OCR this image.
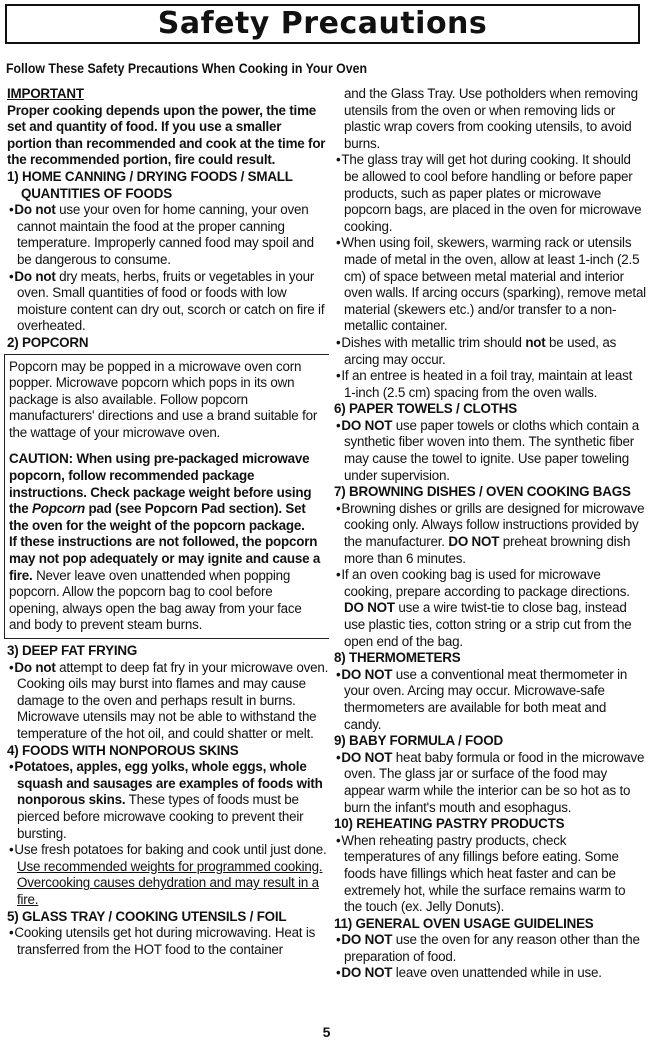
Safety Precautions
Follow These Safety Precautions When Cooking in Your Oven

IMPORTANT

Proper cooking depends upon the power, the time set and quantity of food. If you use a smaller portion than recommended and cook at the time for the recommended portion, fire could result.

1) HOME CANNING / DRYING FOODS / SMALL QUANTITIES OF FOODS

• Do not use your oven for home canning, your oven cannot maintain the food at the proper canning temperature. Improperly canned food may spoil and be dangerous to consume.

• Do not dry meats, herbs, fruits or vegetables in your oven. Small quantities of food or foods with low moisture content can dry out, scorch or catch on fire if overheated.

2) POPCORN

Popcorn may be popped in a microwave oven corn popper. Microwave popcorn which pops in its own package is also available. Follow popcorn manufacturers' directions and use a brand suitable for the wattage of your microwave oven.

CAUTION: When using pre-packaged microwave popcorn, follow recommended package instructions. Check package weight before using the Popcorn pad (see Popcorn Pad section). Set the oven for the weight of the popcorn package.

If these instructions are not followed, the popcorn may not pop adequately or may ignite and cause a fire. Never leave oven unattended when popping popcorn. Allow the popcorn bag to cool before opening, always open the bag away from your face and body to prevent steam burns.

3) DEEP FAT FRYING

• Do not attempt to deep fat fry in your microwave oven. Cooking oils may burst into flames and may cause damage to the oven and perhaps result in burns. Microwave utensils may not be able to withstand the temperature of the hot oil, and could shatter or melt.

4) FOODS WITH NONPOROUS SKINS

• Potatoes, apples, egg yolks, whole eggs, whole squash and sausages are examples of foods with nonporous skins. These types of foods must be pierced before microwave cooking to prevent their bursting.

• Use fresh potatoes for baking and cook until just done. Use recommended weights for programmed cooking. Overcooking causes dehydration and may result in a fire.

5) GLASS TRAY / COOKING UTENSILS / FOIL

• Cooking utensils get hot during microwaving. Heat is transferred from the HOT food to the container

and the Glass Tray. Use potholders when removing utensils from the oven or when removing lids or plastic wrap covers from cooking utensils, to avoid burns.

• The glass tray will get hot during cooking. It should be allowed to cool before handling or before paper products, such as paper plates or microwave popcorn bags, are placed in the oven for microwave cooking.

• When using foil, skewers, warming rack or utensils made of metal in the oven, allow at least 1-inch (2.5 cm) of space between metal material and interior oven walls. If arcing occurs (sparking), remove metal material (skewers etc.) and/or transfer to a non-metallic container.

• Dishes with metallic trim should not be used, as arcing may occur.

• If an entree is heated in a foil tray, maintain at least 1-inch (2.5 cm) spacing from the oven walls.

6) PAPER TOWELS / CLOTHS

• DO NOT use paper towels or cloths which contain a synthetic fiber woven into them. The synthetic fiber may cause the towel to ignite. Use paper toweling under supervision.

7) BROWNING DISHES / OVEN COOKING BAGS

• Browning dishes or grills are designed for microwave cooking only. Always follow instructions provided by the manufacturer. DO NOT preheat browning dish more than 6 minutes.

• If an oven cooking bag is used for microwave cooking, prepare according to package directions. DO NOT use a wire twist-tie to close bag, instead use plastic ties, cotton string or a strip cut from the open end of the bag.

8) THERMOMETERS

• DO NOT use a conventional meat thermometer in your oven. Arcing may occur. Microwave-safe thermometers are available for both meat and candy.

9) BABY FORMULA / FOOD

• DO NOT heat baby formula or food in the microwave oven. The glass jar or surface of the food may appear warm while the interior can be so hot as to burn the infant's mouth and esophagus.

10) REHEATING PASTRY PRODUCTS

• When reheating pastry products, check temperatures of any fillings before eating. Some foods have fillings which heat faster and can be extremely hot, while the surface remains warm to the touch (ex. Jelly Donuts).

11) GENERAL OVEN USAGE GUIDELINES

• DO NOT use the oven for any reason other than the preparation of food.

• DO NOT leave oven unattended while in use.

5
